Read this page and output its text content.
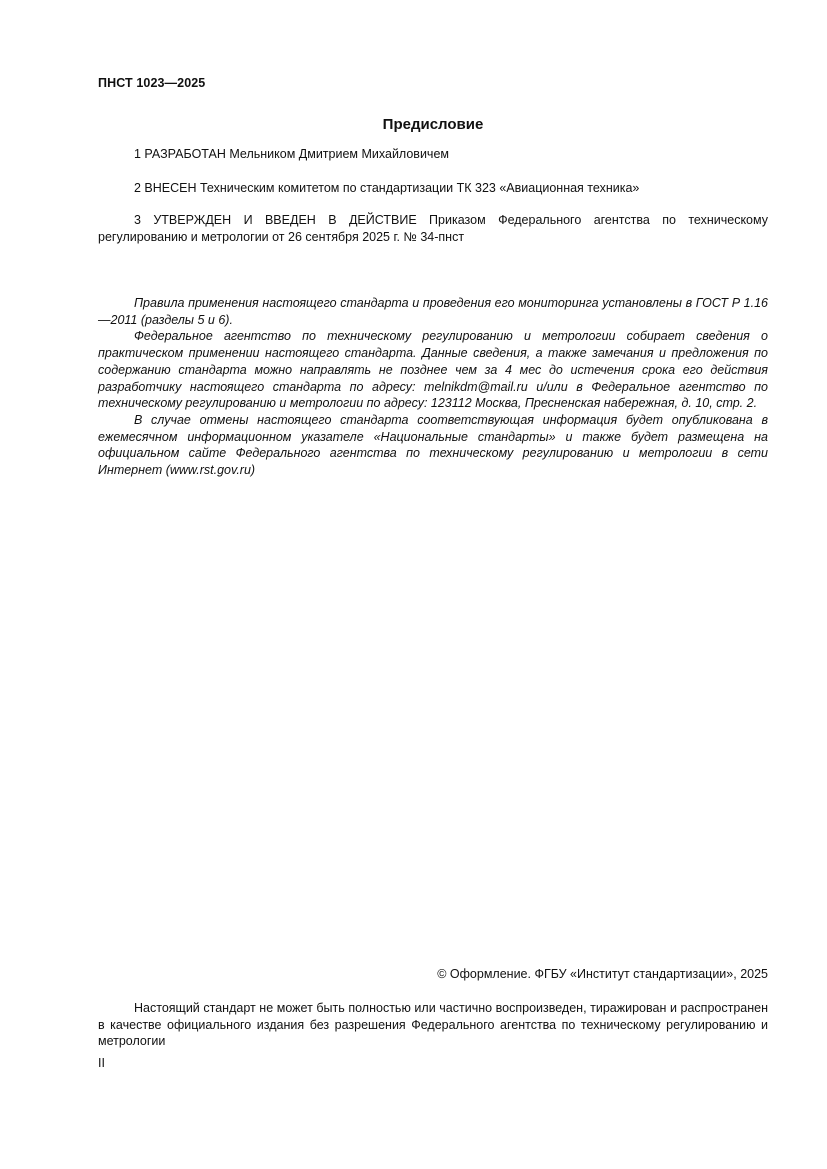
ПНСТ 1023—2025
Предисловие
1 РАЗРАБОТАН Мельником Дмитрием Михайловичем
2 ВНЕСЕН Техническим комитетом по стандартизации ТК 323 «Авиационная техника»
3 УТВЕРЖДЕН И ВВЕДЕН В ДЕЙСТВИЕ Приказом Федерального агентства по техническому регулированию и метрологии от 26 сентября 2025 г. № 34-пнст

Правила применения настоящего стандарта и проведения его мониторинга установлены в ГОСТ Р 1.16—2011 (разделы 5 и 6).

Федеральное агентство по техническому регулированию и метрологии собирает сведения о практическом применении настоящего стандарта. Данные сведения, а также замечания и предложения по содержанию стандарта можно направлять не позднее чем за 4 мес до истечения срока его действия разработчику настоящего стандарта по адресу: melnikdm@mail.ru и/или в Федеральное агентство по техническому регулированию и метрологии по адресу: 123112 Москва, Пресненская набережная, д. 10, стр. 2.

В случае отмены настоящего стандарта соответствующая информация будет опубликована в ежемесячном информационном указателе «Национальные стандарты» и также будет размещена на официальном сайте Федерального агентства по техническому регулированию и метрологии в сети Интернет (www.rst.gov.ru)

© Оформление. ФГБУ «Институт стандартизации», 2025
Настоящий стандарт не может быть полностью или частично воспроизведен, тиражирован и распространен в качестве официального издания без разрешения Федерального агентства по техническому регулированию и метрологии
II
